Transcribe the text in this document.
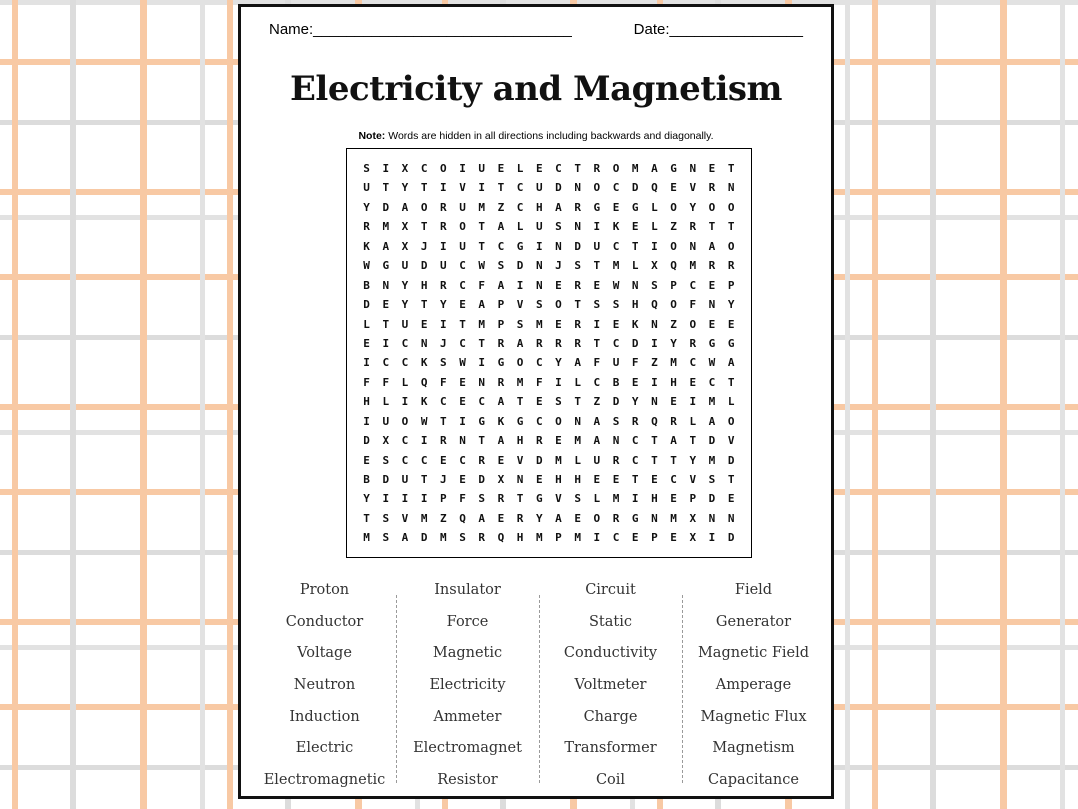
Name:_______________________________	Date:________________
Electricity and Magnetism
Note: Words are hidden in all directions including backwards and diagonally.
S	I	X	C	O	I	U	E	L	E	C	T	R	O	M	A	G	N	E	T
U	T	Y	T	I	V	I	T	C	U	D	N	O	C	D	Q	E	V	R	N
Y	D	A	O	R	U	M	Z	C	H	A	R	G	E	G	L	O	Y	O	O
R	M	X	T	R	O	T	A	L	U	S	N	I	K	E	L	Z	R	T	T
K	A	X	J	I	U	T	C	G	I	N	D	U	C	T	I	O	N	A	O
W	G	U	D	U	C	W	S	D	N	J	S	T	M	L	X	Q	M	R	R
B	N	Y	H	R	C	F	A	I	N	E	R	E	W	N	S	P	C	E	P
D	E	Y	T	Y	E	A	P	V	S	O	T	S	S	H	Q	O	F	N	Y
L	T	U	E	I	T	M	P	S	M	E	R	I	E	K	N	Z	O	E	E
E	I	C	N	J	C	T	R	A	R	R	R	T	C	D	I	Y	R	G	G
I	C	C	K	S	W	I	G	O	C	Y	A	F	U	F	Z	M	C	W	A
F	F	L	Q	F	E	N	R	M	F	I	L	C	B	E	I	H	E	C	T
H	L	I	K	C	E	C	A	T	E	S	T	Z	D	Y	N	E	I	M	L
I	U	O	W	T	I	G	K	G	C	O	N	A	S	R	Q	R	L	A	O
D	X	C	I	R	N	T	A	H	R	E	M	A	N	C	T	A	T	D	V
E	S	C	C	E	C	R	E	V	D	M	L	U	R	C	T	T	Y	M	D
B	D	U	T	J	E	D	X	N	E	H	H	E	E	T	E	C	V	S	T
Y	I	I	I	P	F	S	R	T	G	V	S	L	M	I	H	E	P	D	E
T	S	V	M	Z	Q	A	E	R	Y	A	E	O	R	G	N	M	X	N	N
M	S	A	D	M	S	R	Q	H	M	P	M	I	C	E	P	E	X	I	D
Proton
Conductor
Voltage
Neutron
Induction
Electric
Electromagnetic
Insulator
Force
Magnetic
Electricity
Ammeter
Electromagnet
Resistor
Circuit
Static
Conductivity
Voltmeter
Charge
Transformer
Coil
Field
Generator
Magnetic Field
Amperage
Magnetic Flux
Magnetism
Capacitance
